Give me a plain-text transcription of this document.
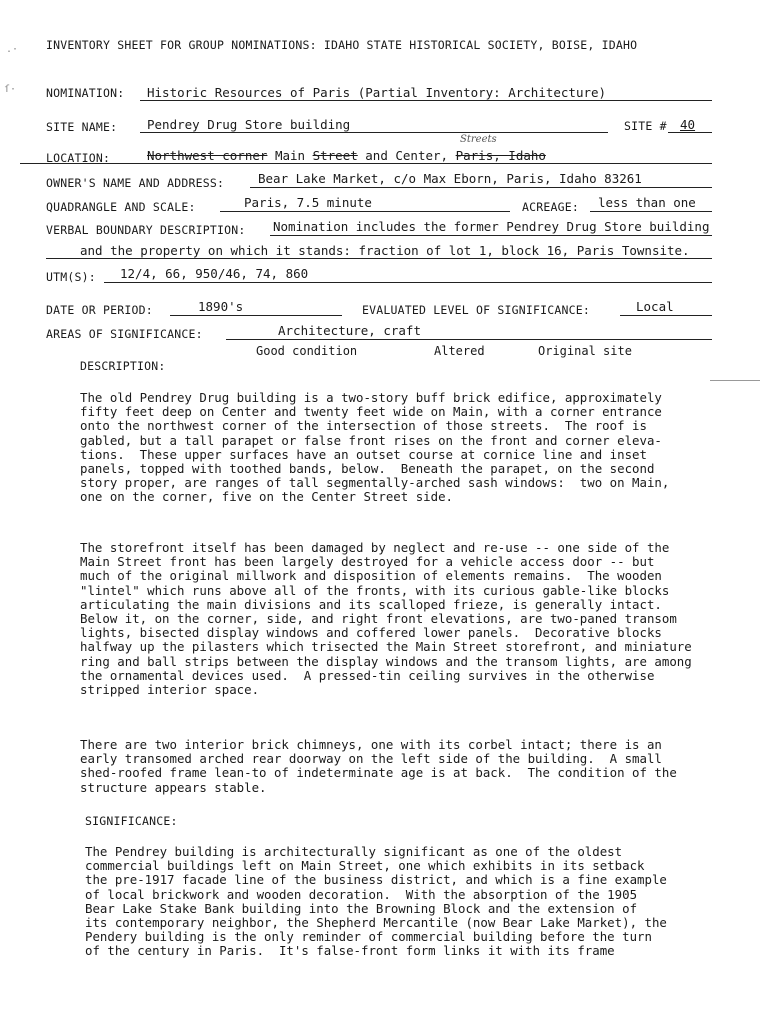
.·
ſ·
INVENTORY SHEET FOR GROUP NOMINATIONS: IDAHO STATE HISTORICAL SOCIETY, BOISE, IDAHO
NOMINATION: Historic Resources of Paris (Partial Inventory: Architecture)
SITE NAME: Pendrey Drug Store building	SITE # 40
LOCATION:
Streets
Northwest corner Main Street and Center, Paris, Idaho
OWNER'S NAME AND ADDRESS:	Bear Lake Market, c/o Max Eborn, Paris, Idaho 83261
QUADRANGLE AND SCALE:	Paris, 7.5 minute	ACREAGE: less than one
VERBAL BOUNDARY DESCRIPTION: Nomination includes the former Pendrey Drug Store building
and the property on which it stands: fraction of lot 1, block 16, Paris Townsite.
UTM(S): 12/4, 66, 950/46, 74, 860
DATE OR PERIOD:	1890's	EVALUATED LEVEL OF SIGNIFICANCE:	Local
AREAS OF SIGNIFICANCE:	Architecture, craft
Good condition	Altered	Original site
DESCRIPTION:
The old Pendrey Drug building is a two-story buff brick edifice, approximately
fifty feet deep on Center and twenty feet wide on Main, with a corner entrance
onto the northwest corner of the intersection of those streets.  The roof is
gabled, but a tall parapet or false front rises on the front and corner eleva-
tions.  These upper surfaces have an outset course at cornice line and inset
panels, topped with toothed bands, below.  Beneath the parapet, on the second
story proper, are ranges of tall segmentally-arched sash windows:  two on Main,
one on the corner, five on the Center Street side.
The storefront itself has been damaged by neglect and re-use -- one side of the
Main Street front has been largely destroyed for a vehicle access door -- but
much of the original millwork and disposition of elements remains.  The wooden
"lintel" which runs above all of the fronts, with its curious gable-like blocks
articulating the main divisions and its scalloped frieze, is generally intact.
Below it, on the corner, side, and right front elevations, are two-paned transom
lights, bisected display windows and coffered lower panels.  Decorative blocks
halfway up the pilasters which trisected the Main Street storefront, and miniature
ring and ball strips between the display windows and the transom lights, are among
the ornamental devices used.  A pressed-tin ceiling survives in the otherwise
stripped interior space.
There are two interior brick chimneys, one with its corbel intact; there is an
early transomed arched rear doorway on the left side of the building.  A small
shed-roofed frame lean-to of indeterminate age is at back.  The condition of the
structure appears stable.
SIGNIFICANCE:
The Pendrey building is architecturally significant as one of the oldest
commercial buildings left on Main Street, one which exhibits in its setback
the pre-1917 facade line of the business district, and which is a fine example
of local brickwork and wooden decoration.  With the absorption of the 1905
Bear Lake Stake Bank building into the Browning Block and the extension of
its contemporary neighbor, the Shepherd Mercantile (now Bear Lake Market), the
Pendery building is the only reminder of commercial building before the turn
of the century in Paris.  It's false-front form links it with its frame
